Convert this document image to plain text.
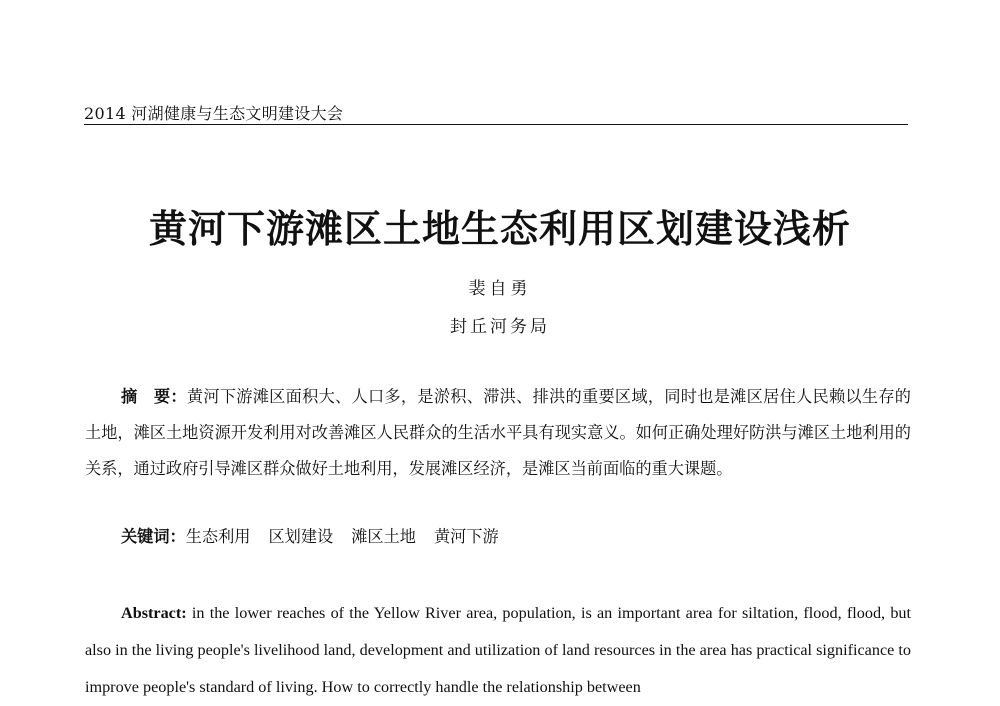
2014 河湖健康与生态文明建设大会
黄河下游滩区土地生态利用区划建设浅析
裴自勇
封丘河务局
摘　要：黄河下游滩区面积大、人口多，是淤积、滞洪、排洪的重要区域，同时也是滩区居住人民赖以生存的土地，滩区土地资源开发利用对改善滩区人民群众的生活水平具有现实意义。如何正确处理好防洪与滩区土地利用的关系，通过政府引导滩区群众做好土地利用，发展滩区经济，是滩区当前面临的重大课题。
关键词：生态利用 区划建设 滩区土地 黄河下游
Abstract: in the lower reaches of the Yellow River area, population, is an important area for siltation, flood, flood, but also in the living people's livelihood land, development and utilization of land resources in the area has practical significance to improve people's standard of living. How to correctly handle the relationship between
